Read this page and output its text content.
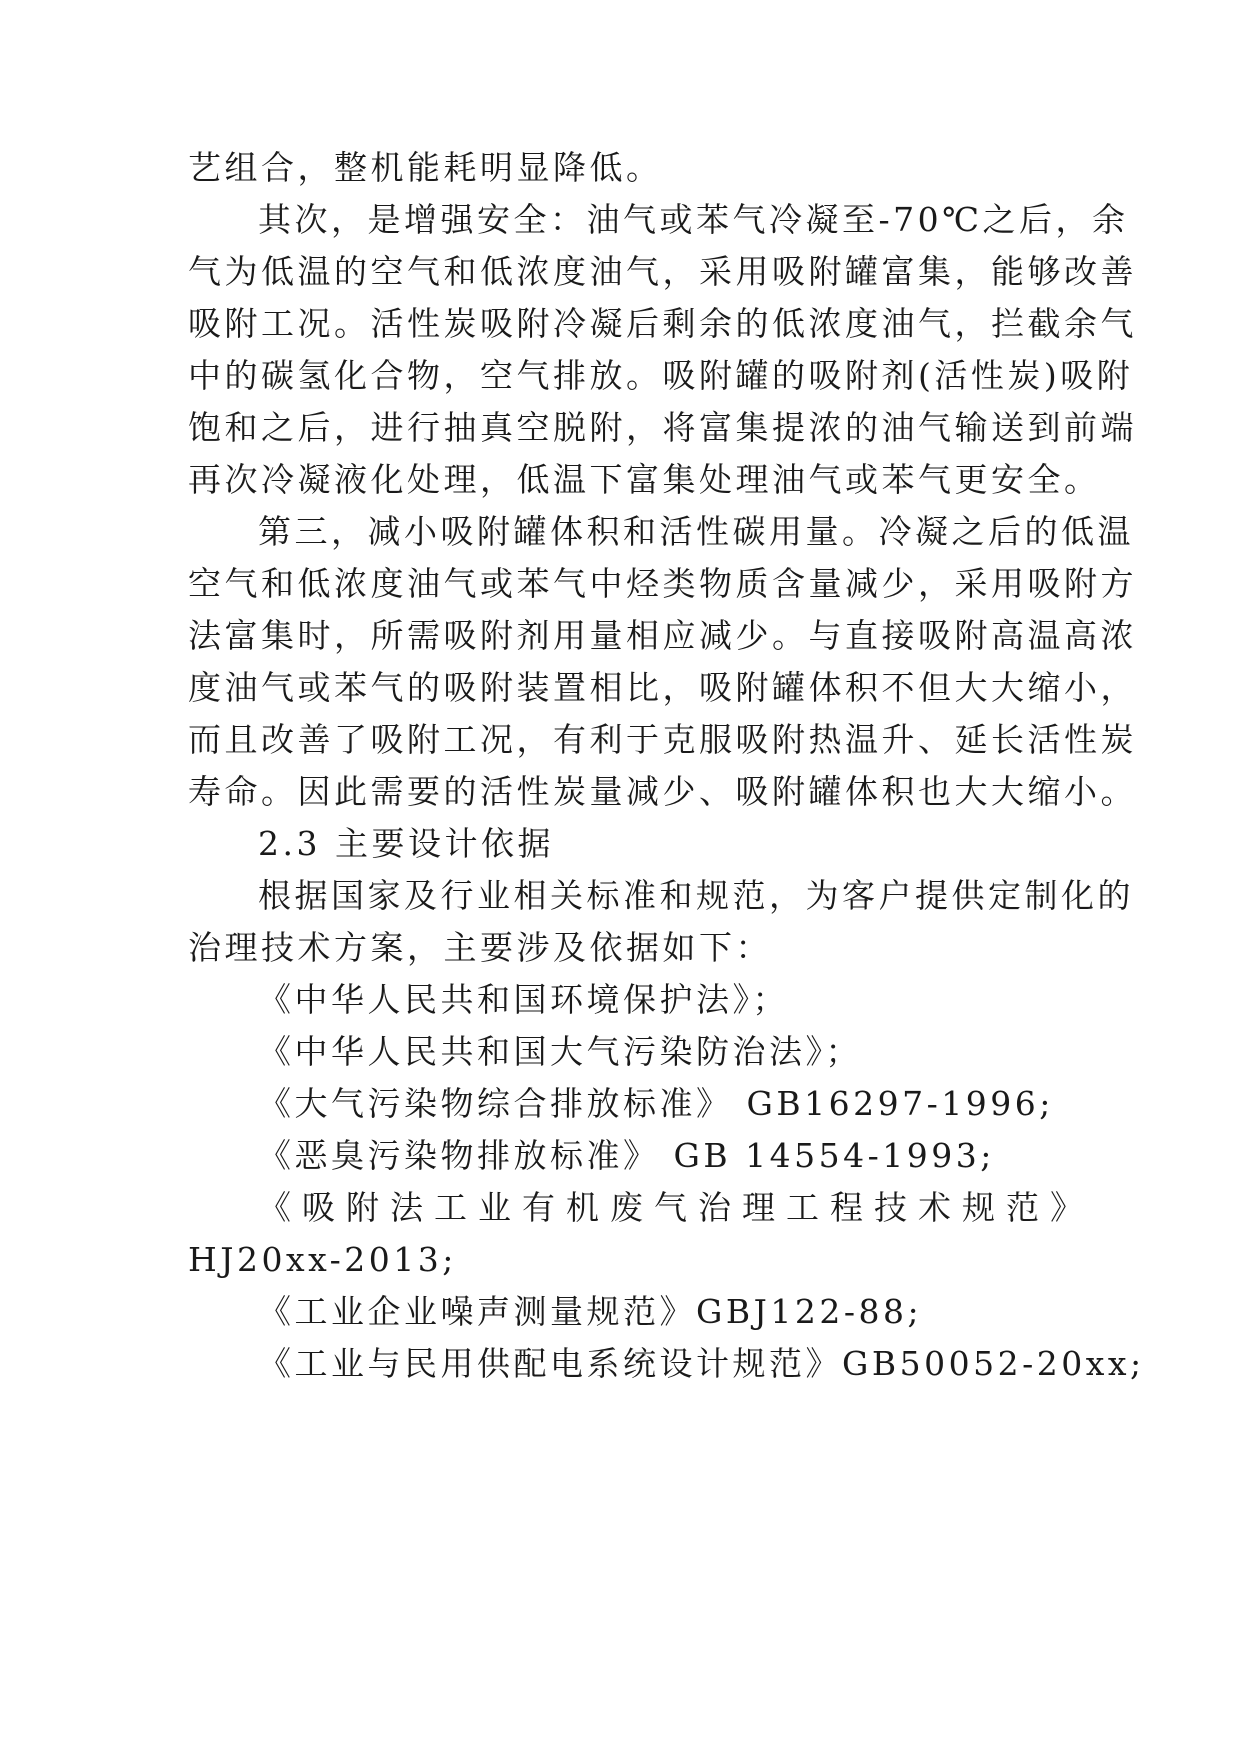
艺组合，整机能耗明显降低。
其次，是增强安全：油气或苯气冷凝至-70℃之后，余
气为低温的空气和低浓度油气，采用吸附罐富集，能够改善
吸附工况。活性炭吸附冷凝后剩余的低浓度油气，拦截余气
中的碳氢化合物，空气排放。吸附罐的吸附剂(活性炭)吸附
饱和之后，进行抽真空脱附，将富集提浓的油气输送到前端
再次冷凝液化处理，低温下富集处理油气或苯气更安全。
第三，减小吸附罐体积和活性碳用量。冷凝之后的低温
空气和低浓度油气或苯气中烃类物质含量减少，采用吸附方
法富集时，所需吸附剂用量相应减少。与直接吸附高温高浓
度油气或苯气的吸附装置相比，吸附罐体积不但大大缩小，
而且改善了吸附工况，有利于克服吸附热温升、延长活性炭
寿命。因此需要的活性炭量减少、吸附罐体积也大大缩小。
2.3 主要设计依据
根据国家及行业相关标准和规范，为客户提供定制化的
治理技术方案，主要涉及依据如下：
《中华人民共和国环境保护法》；
《中华人民共和国大气污染防治法》；
《大气污染物综合排放标准》 GB16297-1996;
《恶臭污染物排放标准》 GB 14554-1993;
《吸附法工业有机废气治理工程技术规范》
HJ20xx-2013;
《工业企业噪声测量规范》GBJ122-88;
《工业与民用供配电系统设计规范》GB50052-20xx;
